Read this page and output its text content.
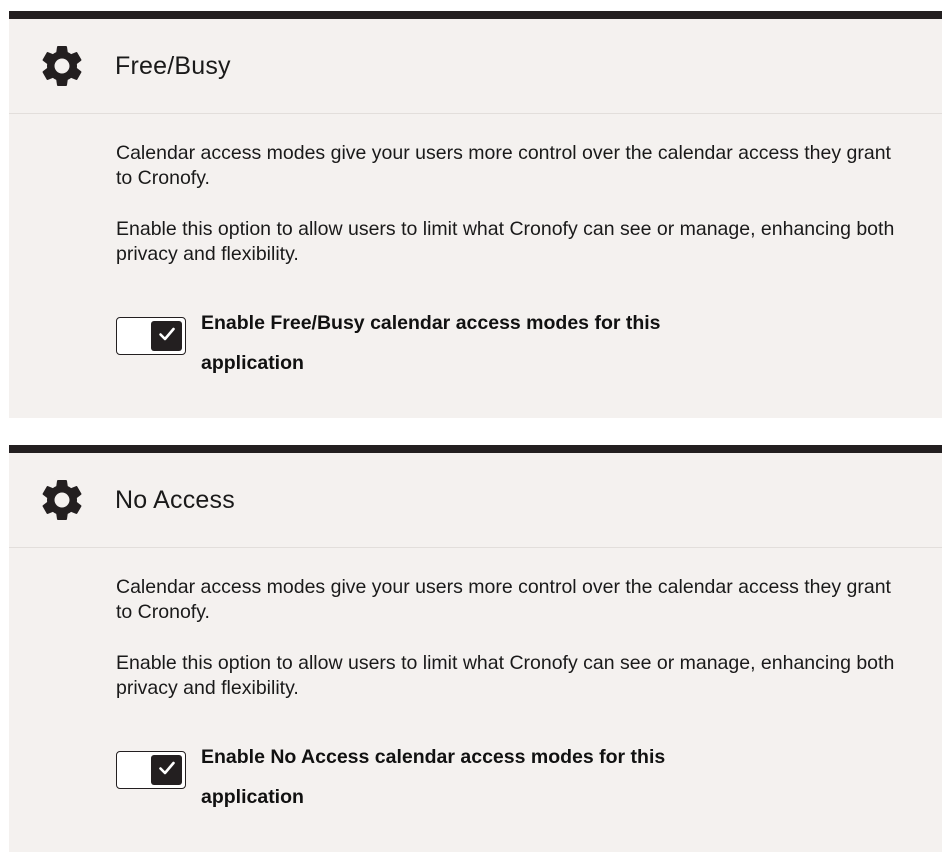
Free/Busy

Calendar access modes give your users more control over the calendar access they grant to Cronofy.

Enable this option to allow users to limit what Cronofy can see or manage, enhancing both privacy and flexibility.

Enable Free/Busy calendar access modes for this application
No Access

Calendar access modes give your users more control over the calendar access they grant to Cronofy.

Enable this option to allow users to limit what Cronofy can see or manage, enhancing both privacy and flexibility.

Enable No Access calendar access modes for this application
